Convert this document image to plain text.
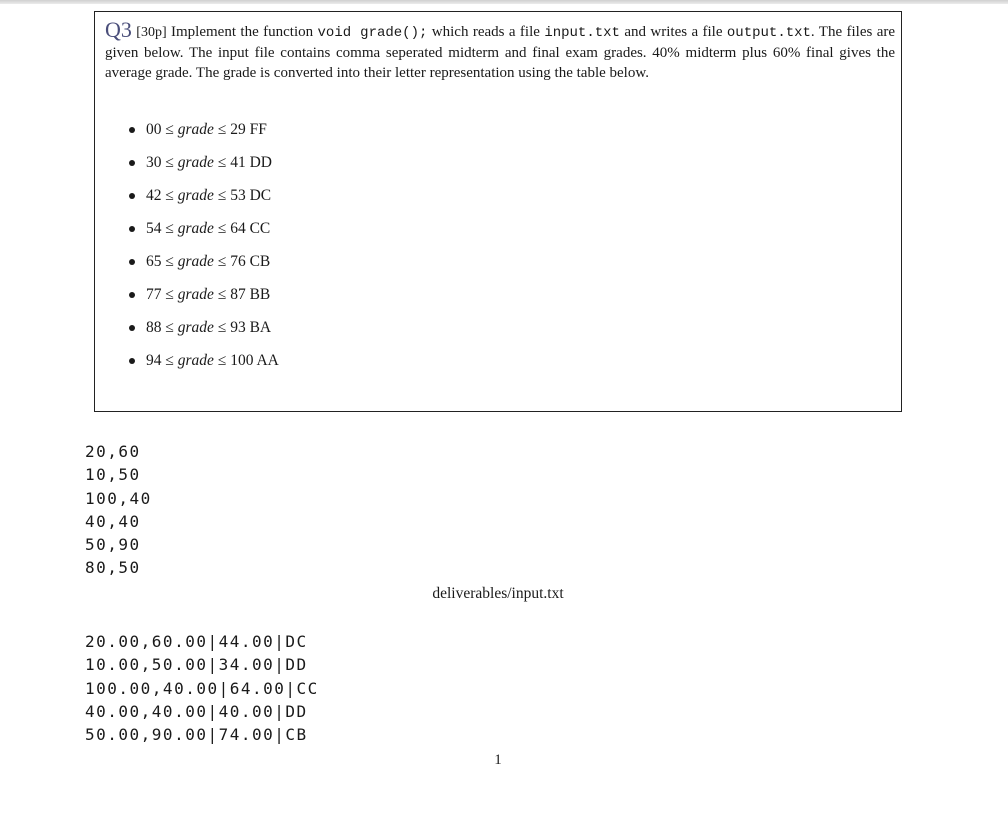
Q3 [30p] Implement the function void grade(); which reads a file input.txt and writes a file output.txt. The files are given below. The input file contains comma seperated midterm and final exam grades. 40% midterm plus 60% final gives the average grade. The grade is converted into their letter representation using the table below.
00 ≤ grade ≤ 29 FF
30 ≤ grade ≤ 41 DD
42 ≤ grade ≤ 53 DC
54 ≤ grade ≤ 64 CC
65 ≤ grade ≤ 76 CB
77 ≤ grade ≤ 87 BB
88 ≤ grade ≤ 93 BA
94 ≤ grade ≤ 100 AA
20,60
10,50
100,40
40,40
50,90
80,50
deliverables/input.txt
20.00,60.00|44.00|DC
10.00,50.00|34.00|DD
100.00,40.00|64.00|CC
40.00,40.00|40.00|DD
50.00,90.00|74.00|CB
1
